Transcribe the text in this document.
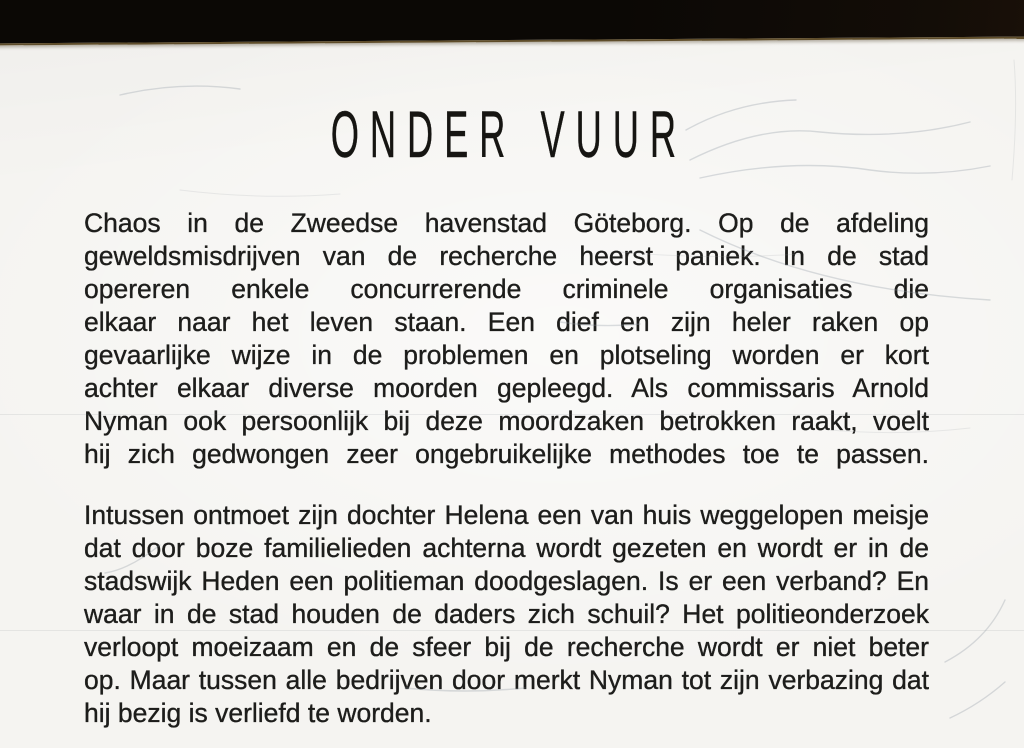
ONDER VUUR
Chaos in de Zweedse havenstad Göteborg. Op de afdeling
geweldsmisdrijven van de recherche heerst paniek. In de stad
opereren enkele concurrerende criminele organisaties die
elkaar naar het leven staan. Een dief en zijn heler raken op
gevaarlijke wijze in de problemen en plotseling worden er kort
achter elkaar diverse moorden gepleegd. Als commissaris Arnold
Nyman ook persoonlijk bij deze moordzaken betrokken raakt, voelt
hij zich gedwongen zeer ongebruikelijke methodes toe te passen.
Intussen ontmoet zijn dochter Helena een van huis weggelopen meisje
dat door boze familielieden achterna wordt gezeten en wordt er in de
stadswijk Heden een politieman doodgeslagen. Is er een verband? En
waar in de stad houden de daders zich schuil? Het politieonderzoek
verloopt moeizaam en de sfeer bij de recherche wordt er niet beter
op. Maar tussen alle bedrijven door merkt Nyman tot zijn verbazing dat
hij bezig is verliefd te worden.
